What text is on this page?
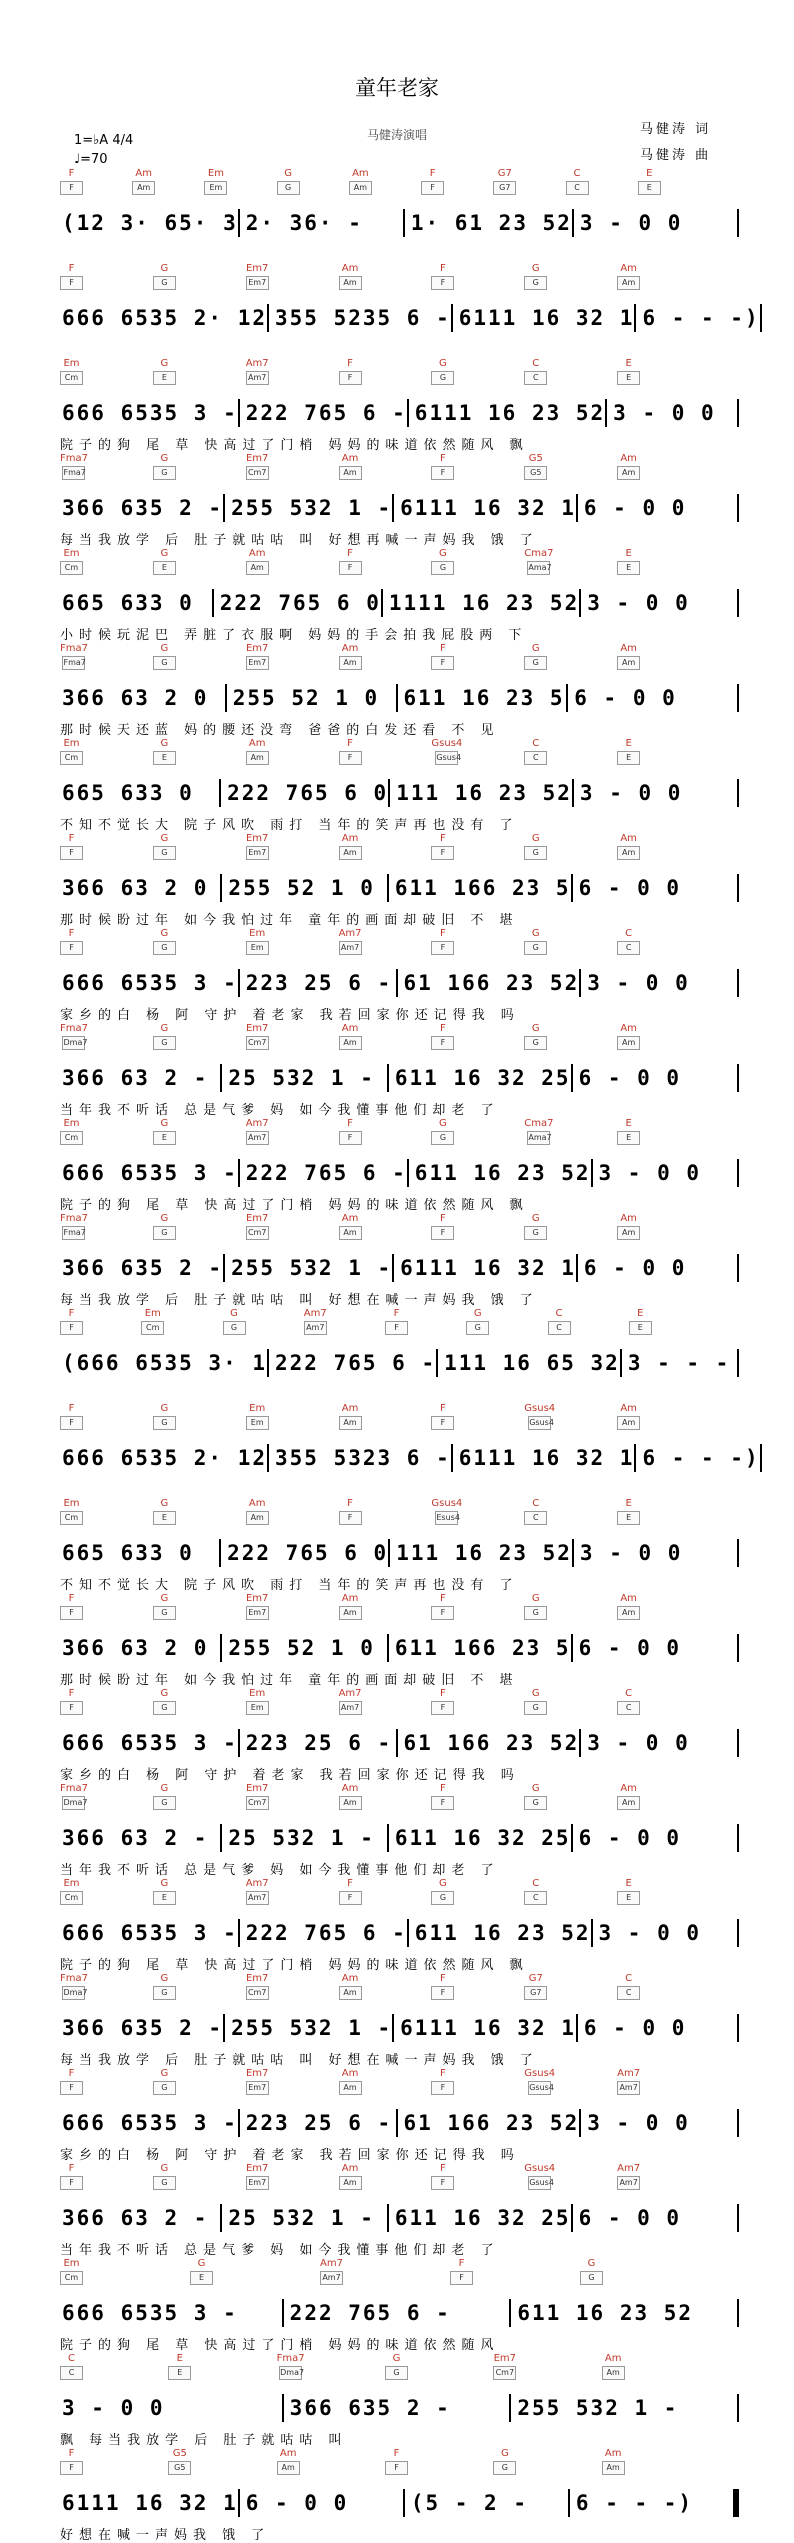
童年老家
1=♭A 4/4
♩=70
马健涛演唱	马健涛 词
马健涛 曲
F
F
Am
Am
Em
Em
G
G
Am
Am
F
F
G7
G7
C
C
E
E
(12 3· 65· 3 2· 36· -	1· 61 23 52 3 - 0 0
F
F
G
G
Em7
Em7
Am
Am
F
F
G
G
Am
Am
666 6535 2· 12 355 5235 6 - 6111 16 32 1 6 - - -)
Em
Cm
G
E
Am7
Am7
F
F
G
G
C
C
E
E
666 6535 3 - 222 765 6 - 6111 16 23 52 3 - 0 0
院子的狗 尾 草 快高过了门梢 妈妈的味道依然随风 飘
Fma7
Fma7
G
G
Em7
Cm7
Am
Am
F
F
G5
G5
Am
Am
366 635 2 - 255 532 1 - 6111 16 32 1 6 - 0 0
每当我放学 后 肚子就咕咕 叫 好想再喊一声妈我 饿 了
Em
Cm
G
E
Am
Am
F
F
G
G
Cma7
Ama7
E
E
665 633 0	222 765 6 0 1111 16 23 52 3 - 0 0
小时候玩泥巴 弄脏了衣服啊 妈妈的手会拍我屁股两 下
Fma7
Fma7
G
G
Em7
Em7
Am
Am
F
F
G
G
Am
Am
366 63 2 0	255 52 1 0	611 16 23 5 6 - 0 0
那时候天还蓝 妈的腰还没弯 爸爸的白发还看 不 见
Em
Cm
G
E
Am
Am
F
F
Gsus4
Gsus4
C
C
E
E
665 633 0	222 765 6 0 111 16 23 52 3 - 0 0
不知不觉长大 院子风吹 雨打 当年的笑声再也没有 了
F
F
G
G
Em7
Em7
Am
Am
F
F
G
G
Am
Am
366 63 2 0 255 52 1 0 611 166 23 5 6 - 0 0
那时候盼过年 如今我怕过年 童年的画面却破旧 不 堪
F
F
G
G
Em
Em
Am7
Am7
F
F
G
G
C
C
666 6535 3 - 223 25 6 - 61 166 23 52 3 - 0 0
家乡的白 杨 阿 守护 着老家 我若回家你还记得我 吗
Fma7
Dma7
G
G
Em7
Cm7
Am
Am
F
F
G
G
Am
Am
366 63 2 - 25 532 1 - 611 16 32 25 6 - 0 0
当年我不听话 总是气爹 妈 如今我懂事他们却老 了
Em
Cm
G
E
Am7
Am7
F
F
G
G
Cma7
Ama7
E
E
666 6535 3 - 222 765 6 - 611 16 23 52 3 - 0 0
院子的狗 尾 草 快高过了门梢 妈妈的味道依然随风 飘
Fma7
Fma7
G
G
Em7
Cm7
Am
Am
F
F
G
G
Am
Am
366 635 2 - 255 532 1 - 6111 16 32 1 6 - 0 0
每当我放学 后 肚子就咕咕 叫 好想在喊一声妈我 饿 了
F
F
Em
Cm
G
G
Am7
Am7
F
F
G
G
C
C
E
E
(666 6535 3· 1 222 765 6 - 111 16 65 32 3 - - -
F
F
G
G
Em
Em
Am
Am
F
F
Gsus4
Gsus4
Am
Am
666 6535 2· 12 355 5323 6 - 6111 16 32 1 6 - - -)
Em
Cm
G
E
Am
Am
F
F
Gsus4
Esus4
C
C
E
E
665 633 0	222 765 6 0 111 16 23 52 3 - 0 0
不知不觉长大 院子风吹 雨打 当年的笑声再也没有 了
F
F
G
G
Em7
Em7
Am
Am
F
F
G
G
Am
Am
366 63 2 0 255 52 1 0 611 166 23 5 6 - 0 0
那时候盼过年 如今我怕过年 童年的画面却破旧 不 堪
F
F
G
G
Em
Em
Am7
Am7
F
F
G
G
C
C
666 6535 3 - 223 25 6 - 61 166 23 52 3 - 0 0
家乡的白 杨 阿 守护 着老家 我若回家你还记得我 吗
Fma7
Dma7
G
G
Em7
Cm7
Am
Am
F
F
G
G
Am
Am
366 63 2 - 25 532 1 - 611 16 32 25 6 - 0 0
当年我不听话 总是气爹 妈 如今我懂事他们却老 了
Em
Cm
G
E
Am7
Am7
F
F
G
G
C
C
E
E
666 6535 3 - 222 765 6 - 611 16 23 52 3 - 0 0
院子的狗 尾 草 快高过了门梢 妈妈的味道依然随风 飘
Fma7
Dma7
G
G
Em7
Cm7
Am
Am
F
F
G7
G7
C
C
366 635 2 - 255 532 1 - 6111 16 32 1 6 - 0 0
每当我放学 后 肚子就咕咕 叫 好想在喊一声妈我 饿 了
F
F
G
G
Em7
Em7
Am
Am
F
F
Gsus4
Gsus4
Am7
Am7
666 6535 3 - 223 25 6 - 61 166 23 52 3 - 0 0
家乡的白 杨 阿 守护 着老家 我若回家你还记得我 吗
F
F
G
G
Em7
Em7
Am
Am
F
F
Gsus4
Gsus4
Am7
Am7
366 63 2 - 25 532 1 - 611 16 32 25 6 - 0 0
当年我不听话 总是气爹 妈 如今我懂事他们却老 了
Em
Cm
G
E
Am7
Am7
F
F
G
G
666 6535 3 -	222 765 6 -	611 16 23 52
院子的狗 尾 草 快高过了门梢 妈妈的味道依然随风
C
C
E
E
Fma7
Dma7
G
G
Em7
Cm7
Am
Am
3 - 0 0	366 635 2 -	255 532 1 -
飘 每当我放学 后 肚子就咕咕 叫
F
F
G5
G5
Am
Am
F
F
G
G
Am
Am
6111 16 32 1 6 - 0 0	(5 - 2 -	6 - - -)
好想在喊一声妈我 饿 了
